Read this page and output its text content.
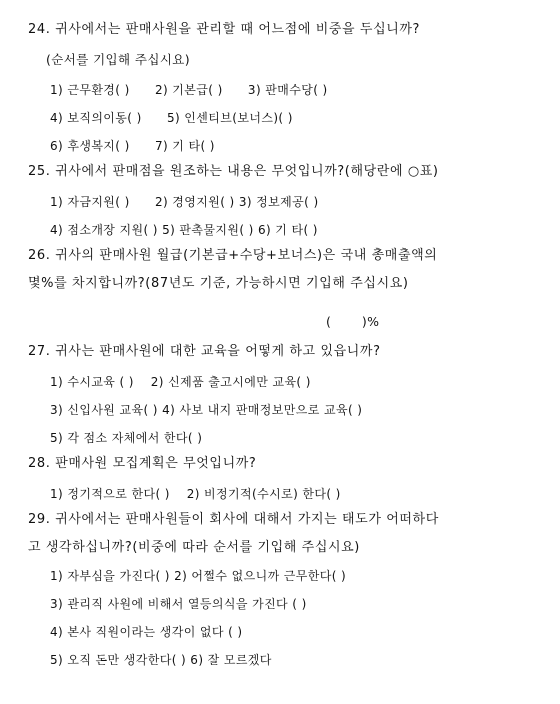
24. 귀사에서는 판매사원을 관리할 때 어느점에 비중을 두십니까?
(순서를 기입해 주십시요)
1) 근무환경( )      2) 기본급( )      3) 판매수당( )
4) 보직의이동( )      5) 인센티브(보너스)( )
6) 후생복지( )      7) 기 타( )
25. 귀사에서 판매점을 원조하는 내용은 무엇입니까?(해당란에 ○표)
1) 자금지원( )      2) 경영지원( ) 3) 정보제공( )
4) 점소개장 지원( ) 5) 판촉물지원( ) 6) 기 타( )
26. 귀사의 판매사원 월급(기본급+수당+보너스)은 국내 총매출액의
몇%를 차지합니까?(87년도 기준, 가능하시면 기입해 주십시요)
(       )%
27. 귀사는 판매사원에 대한 교육을 어떻게 하고 있읍니까?
1) 수시교육 ( )    2) 신제품 출고시에만 교육( )
3) 신입사원 교육( ) 4) 사보 내지 판매정보만으로 교육( )
5) 각 점소 자체에서 한다( )
28. 판매사원 모집계획은 무엇입니까?
1) 정기적으로 한다( )    2) 비정기적(수시로) 한다( )
29. 귀사에서는 판매사원들이 회사에 대해서 가지는 태도가 어떠하다
고 생각하십니까?(비중에 따라 순서를 기입해 주십시요)
1) 자부심을 가진다( ) 2) 어쩔수 없으니까 근무한다( )
3) 관리직 사원에 비해서 열등의식을 가진다 ( )
4) 본사 직원이라는 생각이 없다 ( )
5) 오직 돈만 생각한다( ) 6) 잘 모르겠다
